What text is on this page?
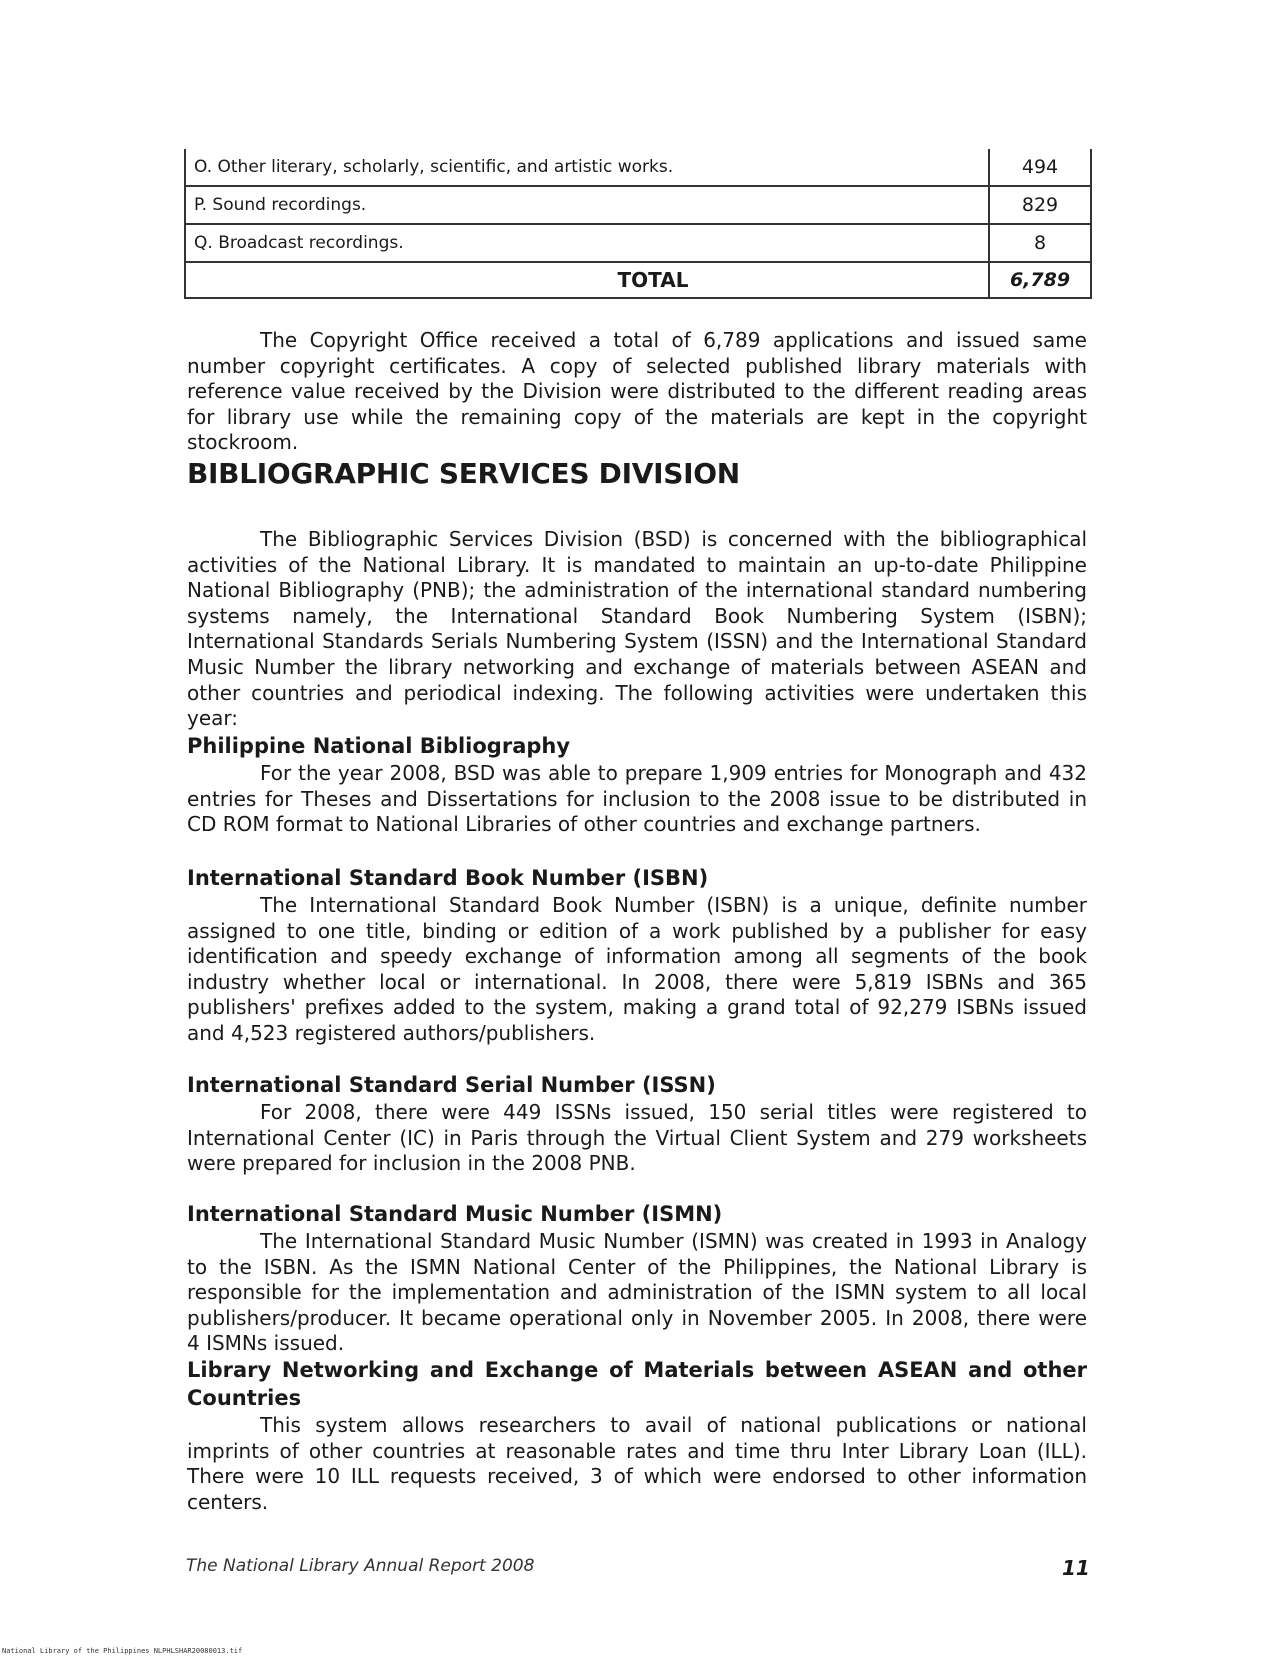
O. Other literary, scholarly, scientific, and artistic works.	494
P. Sound recordings.	829
Q. Broadcast recordings.	8
TOTAL	6,789

The Copyright Office received a total of 6,789 applications and issued same number copyright certificates. A copy of selected published library materials with reference value received by the Division were distributed to the different reading areas for library use while the remaining copy of the materials are kept in the copyright stockroom.

BIBLIOGRAPHIC SERVICES DIVISION

The Bibliographic Services Division (BSD) is concerned with the bibliographical activities of the National Library. It is mandated to maintain an up-to-date Philippine National Bibliography (PNB); the administration of the international standard numbering systems namely, the International Standard Book Numbering System (ISBN); International Standards Serials Numbering System (ISSN) and the International Standard Music Number the library networking and exchange of materials between ASEAN and other countries and periodical indexing. The following activities were undertaken this year:

Philippine National Bibliography

For the year 2008, BSD was able to prepare 1,909 entries for Monograph and 432 entries for Theses and Dissertations for inclusion to the 2008 issue to be distributed in CD ROM format to National Libraries of other countries and exchange partners.

International Standard Book Number (ISBN)

The International Standard Book Number (ISBN) is a unique, definite number assigned to one title, binding or edition of a work published by a publisher for easy identification and speedy exchange of information among all segments of the book industry whether local or international. In 2008, there were 5,819 ISBNs and 365 publishers' prefixes added to the system, making a grand total of 92,279 ISBNs issued and 4,523 registered authors/publishers.

International Standard Serial Number (ISSN)

For 2008, there were 449 ISSNs issued, 150 serial titles were registered to International Center (IC) in Paris through the Virtual Client System and 279 worksheets were prepared for inclusion in the 2008 PNB.

International Standard Music Number (ISMN)

The International Standard Music Number (ISMN) was created in 1993 in Analogy to the ISBN. As the ISMN National Center of the Philippines, the National Library is responsible for the implementation and administration of the ISMN system to all local publishers/producer. It became operational only in November 2005. In 2008, there were 4 ISMNs issued.

Library Networking and Exchange of Materials between ASEAN and other Countries

This system allows researchers to avail of national publications or national imprints of other countries at reasonable rates and time thru Inter Library Loan (ILL). There were 10 ILL requests received, 3 of which were endorsed to other information centers.

The National Library Annual Report 2008	11

National Library of the Philippines NLPHLSHAR20080013.tif
